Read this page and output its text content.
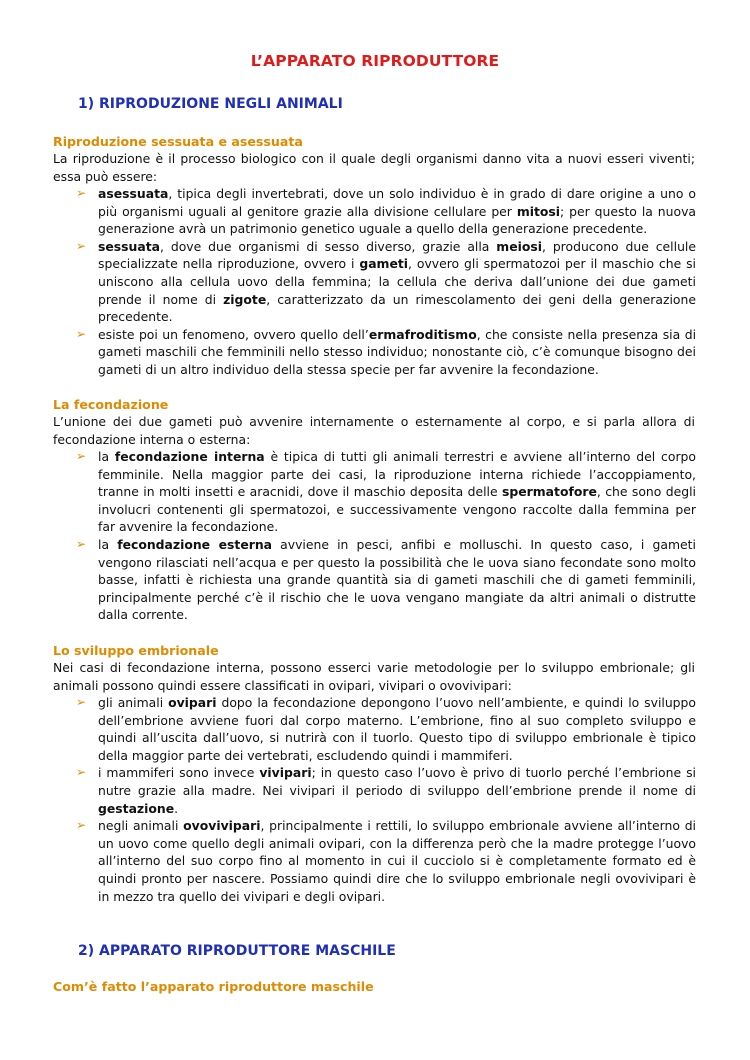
L’APPARATO RIPRODUTTORE
1) RIPRODUZIONE NEGLI ANIMALI
Riproduzione sessuata e asessuata

La riproduzione è il processo biologico con il quale degli organismi danno vita a nuovi esseri viventi; essa può essere:

➢ asessuata, tipica degli invertebrati, dove un solo individuo è in grado di dare origine a uno o più organismi uguali al genitore grazie alla divisione cellulare per mitosi; per questo la nuova generazione avrà un patrimonio genetico uguale a quello della generazione precedente.
➢ sessuata, dove due organismi di sesso diverso, grazie alla meiosi, producono due cellule specializzate nella riproduzione, ovvero i gameti, ovvero gli spermatozoi per il maschio che si uniscono alla cellula uovo della femmina; la cellula che deriva dall’unione dei due gameti prende il nome di zigote, caratterizzato da un rimescolamento dei geni della generazione precedente.
➢ esiste poi un fenomeno, ovvero quello dell’ermafroditismo, che consiste nella presenza sia di gameti maschili che femminili nello stesso individuo; nonostante ciò, c’è comunque bisogno dei gameti di un altro individuo della stessa specie per far avvenire la fecondazione.
La fecondazione

L’unione dei due gameti può avvenire internamente o esternamente al corpo, e si parla allora di fecondazione interna o esterna:

➢ la fecondazione interna è tipica di tutti gli animali terrestri e avviene all’interno del corpo femminile. Nella maggior parte dei casi, la riproduzione interna richiede l’accoppiamento, tranne in molti insetti e aracnidi, dove il maschio deposita delle spermatofore, che sono degli involucri contenenti gli spermatozoi, e successivamente vengono raccolte dalla femmina per far avvenire la fecondazione.
➢ la fecondazione esterna avviene in pesci, anfibi e molluschi. In questo caso, i gameti vengono rilasciati nell’acqua e per questo la possibilità che le uova siano fecondate sono molto basse, infatti è richiesta una grande quantità sia di gameti maschili che di gameti femminili, principalmente perché c’è il rischio che le uova vengano mangiate da altri animali o distrutte dalla corrente.
Lo sviluppo embrionale

Nei casi di fecondazione interna, possono esserci varie metodologie per lo sviluppo embrionale; gli animali possono quindi essere classificati in ovipari, vivipari o ovovivipari:

➢ gli animali ovipari dopo la fecondazione depongono l’uovo nell’ambiente, e quindi lo sviluppo dell’embrione avviene fuori dal corpo materno. L’embrione, fino al suo completo sviluppo e quindi all’uscita dall’uovo, si nutrirà con il tuorlo. Questo tipo di sviluppo embrionale è tipico della maggior parte dei vertebrati, escludendo quindi i mammiferi.
➢ i mammiferi sono invece vivipari; in questo caso l’uovo è privo di tuorlo perché l’embrione si nutre grazie alla madre. Nei vivipari il periodo di sviluppo dell’embrione prende il nome di gestazione.
➢ negli animali ovovivipari, principalmente i rettili, lo sviluppo embrionale avviene all’interno di un uovo come quello degli animali ovipari, con la differenza però che la madre protegge l’uovo all’interno del suo corpo fino al momento in cui il cucciolo si è completamente formato ed è quindi pronto per nascere. Possiamo quindi dire che lo sviluppo embrionale negli ovovivipari è in mezzo tra quello dei vivipari e degli ovipari.
2) APPARATO RIPRODUTTORE MASCHILE
Com’è fatto l’apparato riproduttore maschile
